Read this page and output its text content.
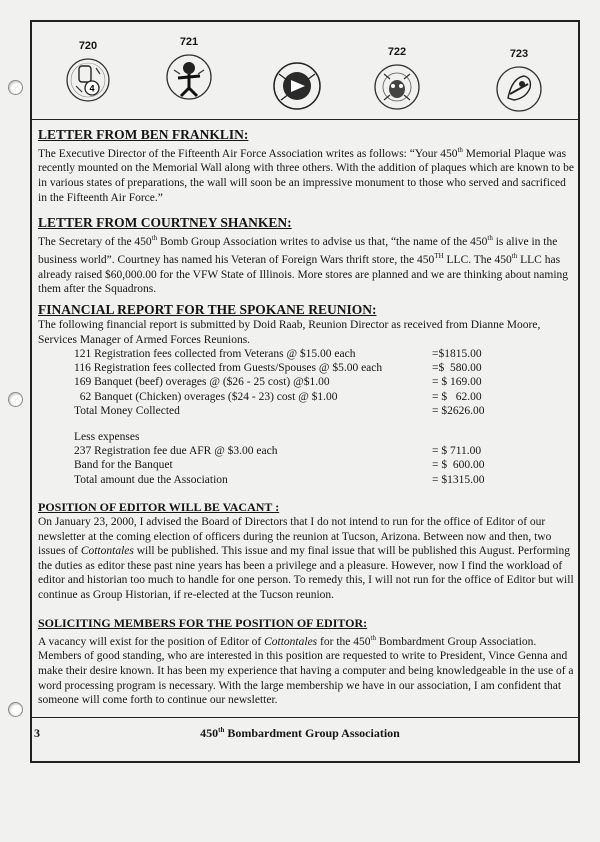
720
4
721
722	723
LETTER FROM BEN FRANKLIN:

The Executive Director of the Fifteenth Air Force Association writes as follows: “Your 450th Memorial Plaque was recently mounted on the Memorial Wall along with three others. With the addition of plaques which are known to be in various states of preparations, the wall will soon be an impressive monument to those who served and sacrificed in the Fifteenth Air Force.”

LETTER FROM COURTNEY SHANKEN:

The Secretary of the 450th Bomb Group Association writes to advise us that, “the name of the 450th is alive in the business world”. Courtney has named his Veteran of Foreign Wars thrift store, the 450TH LLC. The 450th LLC has already raised $60,000.00 for the VFW State of Illinois. More stores are planned and we are thinking about naming them after the Squadrons.

FINANCIAL REPORT FOR THE SPOKANE REUNION:

The following financial report is submitted by Doid Raab, Reunion Director as received from Dianne Moore, Services Manager of Armed Forces Reunions.

121 Registration fees collected from Veterans @ $15.00 each	=$1815.00
116 Registration fees collected from Guests/Spouses @ $5.00 each	=$  580.00
169 Banquet (beef) overages @ ($26 - 25 cost) @$1.00	= $ 169.00
62 Banquet (Chicken) overages ($24 - 23) cost @ $1.00	= $   62.00
Total Money Collected	= $2626.00
Less expenses
237 Registration fee due AFR @ $3.00 each	= $ 711.00
Band for the Banquet	= $  600.00
Total amount due the Association	= $1315.00
POSITION OF EDITOR WILL BE VACANT :

On January 23, 2000, I advised the Board of Directors that I do not intend to run for the office of Editor of our newsletter at the coming election of officers during the reunion at Tucson, Arizona. Between now and then, two issues of Cottontales will be published. This issue and my final issue that will be published this August. Performing the duties as editor these past nine years has been a privilege and a pleasure. However, now I find the workload of editor and historian too much to handle for one person. To remedy this, I will not run for the office of Editor but will continue as Group Historian, if re-elected at the Tucson reunion.

SOLICITING MEMBERS FOR THE POSITION OF EDITOR:

A vacancy will exist for the position of Editor of Cottontales for the 450th Bombardment Group Association. Members of good standing, who are interested in this position are requested to write to President, Vince Genna and make their desire known. It has been my experience that having a computer and being knowledgeable in the use of a word processing program is necessary. With the large membership we have in our association, I am confident that someone will come forth to continue our newsletter.

3	450th Bombardment Group Association
